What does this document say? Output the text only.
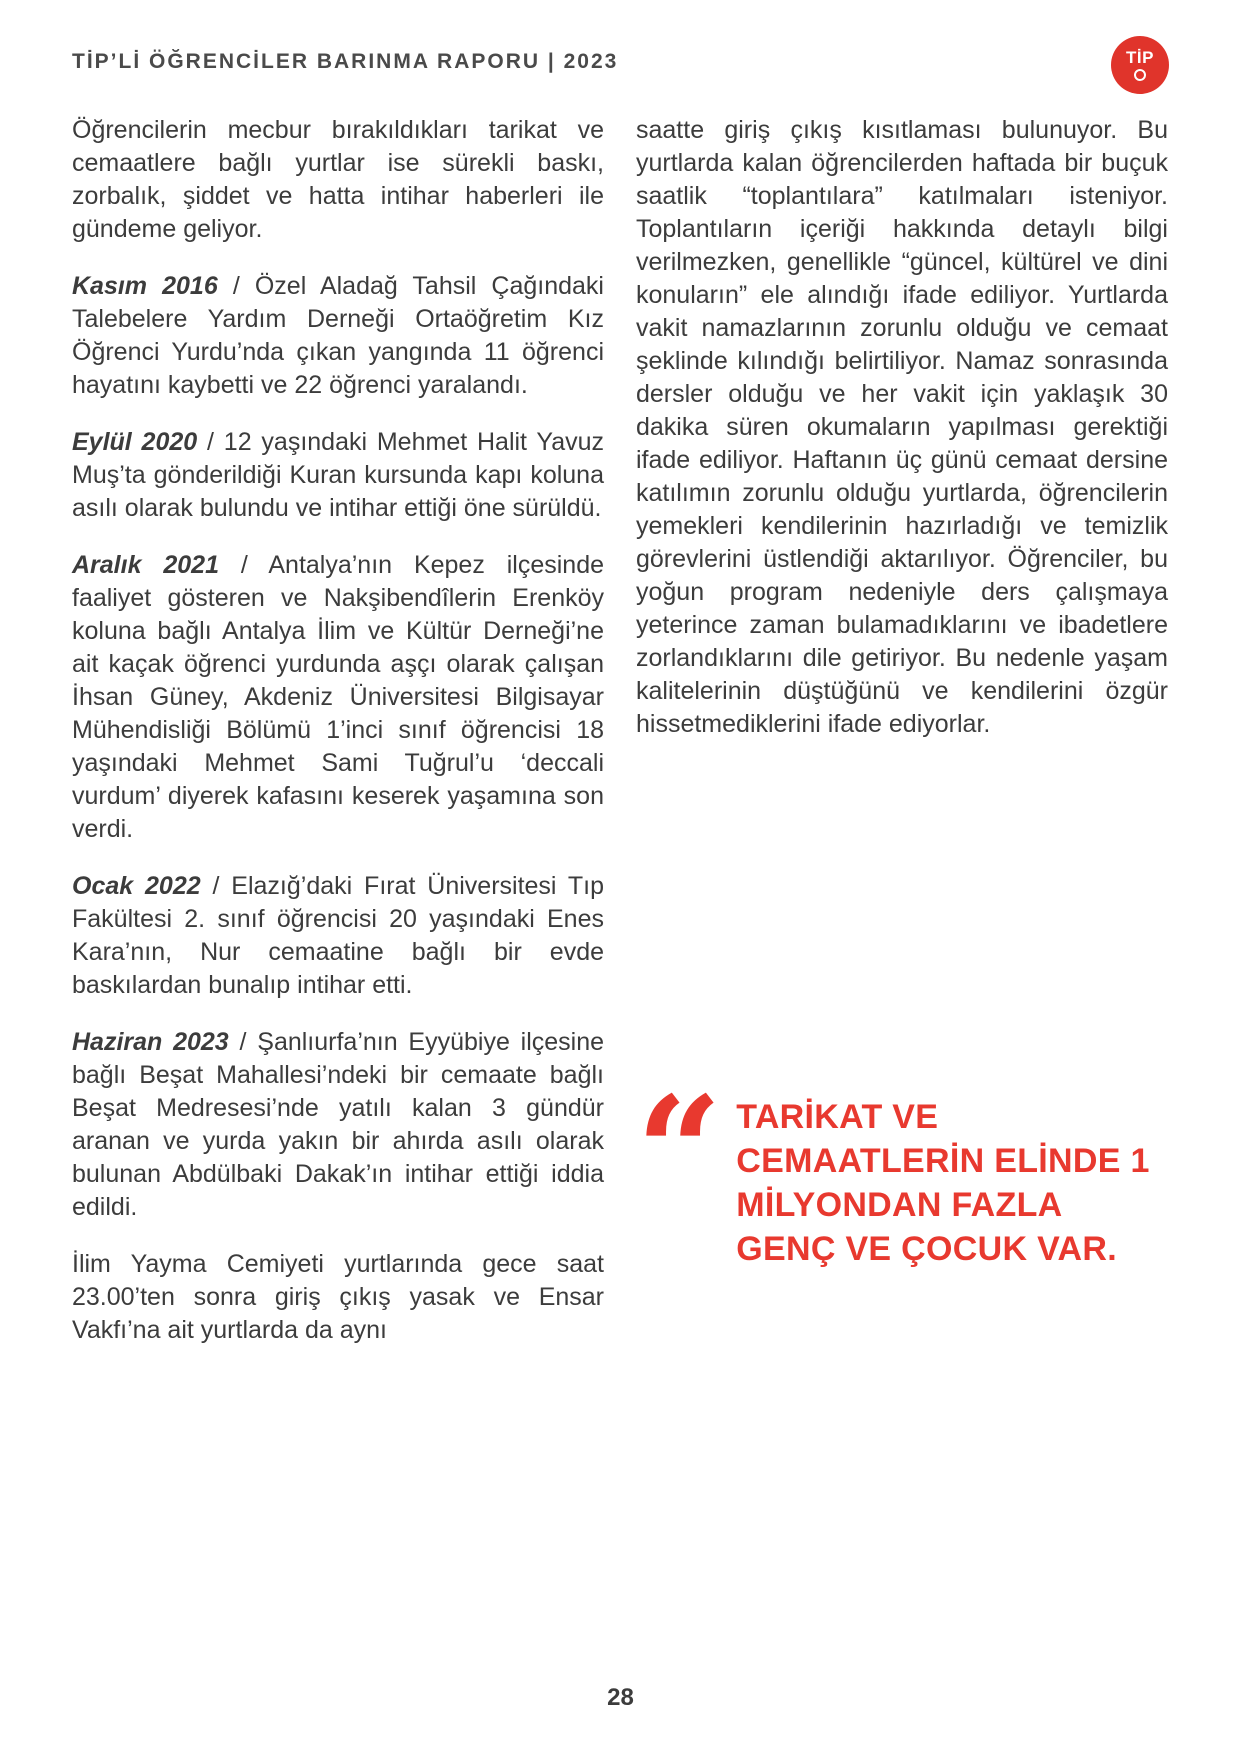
TİP’Lİ ÖĞRENCİLER BARINMA RAPORU | 2023	TİP

Öğrencilerin mecbur bırakıldıkları tarikat ve cemaatlere bağlı yurtlar ise sürekli baskı, zorbalık, şiddet ve hatta intihar haberleri ile gündeme geliyor.

Kasım 2016 / Özel Aladağ Tahsil Çağındaki Talebelere Yardım Derneği Ortaöğretim Kız Öğrenci Yurdu’nda çıkan yangında 11 öğrenci hayatını kaybetti ve 22 öğrenci yaralandı.

Eylül 2020 / 12 yaşındaki Mehmet Halit Yavuz Muş’ta gönderildiği Kuran kursunda kapı koluna asılı olarak bulundu ve intihar ettiği öne sürüldü.

Aralık 2021 / Antalya’nın Kepez ilçesinde faaliyet gösteren ve Nakşibendîlerin Erenköy koluna bağlı Antalya İlim ve Kültür Derneği’ne ait kaçak öğrenci yurdunda aşçı olarak çalışan İhsan Güney, Akdeniz Üniversitesi Bilgisayar Mühendisliği Bölümü 1’inci sınıf öğrencisi 18 yaşındaki Mehmet Sami Tuğrul’u ‘deccali vurdum’ diyerek kafasını keserek yaşamına son verdi.

Ocak 2022 / Elazığ’daki Fırat Üniversitesi Tıp Fakültesi 2. sınıf öğrencisi 20 yaşındaki Enes Kara’nın, Nur cemaatine bağlı bir evde baskılardan bunalıp intihar etti.

Haziran 2023 / Şanlıurfa’nın Eyyübiye ilçesine bağlı Beşat Mahallesi’ndeki bir cemaate bağlı Beşat Medresesi’nde yatılı kalan 3 gündür aranan ve yurda yakın bir ahırda asılı olarak bulunan Abdülbaki Dakak’ın intihar ettiği iddia edildi.

İlim Yayma Cemiyeti yurtlarında gece saat 23.00’ten sonra giriş çıkış yasak ve Ensar Vakfı’na ait yurtlarda da aynı

saatte giriş çıkış kısıtlaması bulunuyor. Bu yurtlarda kalan öğrencilerden haftada bir buçuk saatlik “toplantılara” katılmaları isteniyor. Toplantıların içeriği hakkında detaylı bilgi verilmezken, genellikle “güncel, kültürel ve dini konuların” ele alındığı ifade ediliyor. Yurtlarda vakit namazlarının zorunlu olduğu ve cemaat şeklinde kılındığı belirtiliyor. Namaz sonrasında dersler olduğu ve her vakit için yaklaşık 30 dakika süren okumaların yapılması gerektiği ifade ediliyor. Haftanın üç günü cemaat dersine katılımın zorunlu olduğu yurtlarda, öğrencilerin yemekleri kendilerinin hazırladığı ve temizlik görevlerini üstlendiği aktarılıyor. Öğrenciler, bu yoğun program nedeniyle ders çalışmaya yeterince zaman bulamadıklarını ve ibadetlere zorlandıklarını dile getiriyor. Bu nedenle yaşam kalitelerinin düştüğünü ve kendilerini özgür hissetmediklerini ifade ediyorlar.

“ TARİKAT VE CEMAATLERİN ELİNDE 1 MİLYONDAN FAZLA GENÇ VE ÇOCUK VAR.
28
